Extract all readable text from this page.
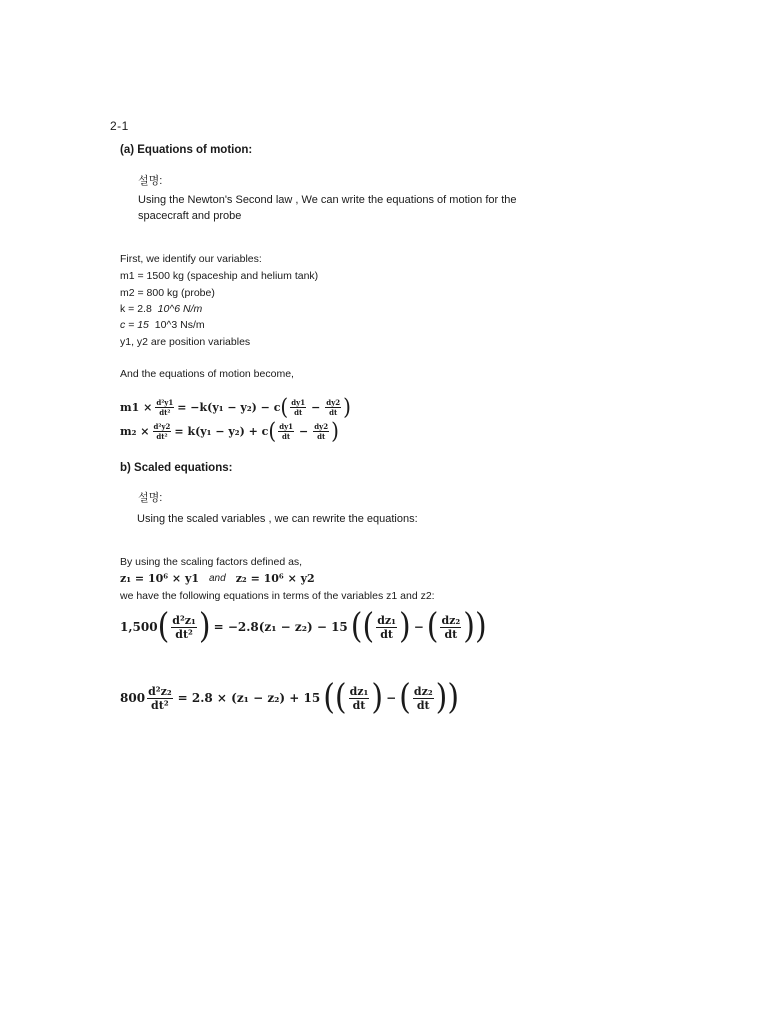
2-1
(a) Equations of motion:
설명:
Using the Newton's Second law , We can write the equations of motion for the spacecraft and probe
First, we identify our variables:
m1 = 1500 kg (spaceship and helium tank)
m2 = 800 kg (probe)
k = 2.8 10^6 N/m
c = 15 10^3 Ns/m
y1, y2 are position variables
And the equations of motion become,
$m1 \times \frac{\text{d²y1}}{\text{dt²}} = -k(y_1 - y_2) - c$ ( $\frac{dy1}{dt} - \frac{dy2}{dt}$ )
$m_2 \times \frac{\text{d²y2}}{\text{dt²}} = k(y_1 - y_2) + c$ ( $\frac{dy1}{dt} - \frac{dy2}{dt}$ )
b) Scaled equations:
설명:
Using the scaled variables , we can rewrite the equations:
By using the scaling factors defined as,
z₁ = 10⁶ × y1 and z₂ = 10⁶ × y2
we have the following equations in terms of the variables z1 and z2:
1,500 ( $\frac{\text{d²z₁}}{\text{dt²}}$ ) = −2.8(z₁ − z₂) − 15 (( $\frac{\text{dz₁}}{dt}$ ) − ( $\frac{\text{dz₂}}{dt}$ ))
$800 \frac{\text{d²z₂}}{\text{dt²}} = 2.8 \times (z_1 - z_2) + 15$ (( $\frac{\text{dz₁}}{dt}$ ) − ( $\frac{\text{dz₂}}{dt}$ ))
